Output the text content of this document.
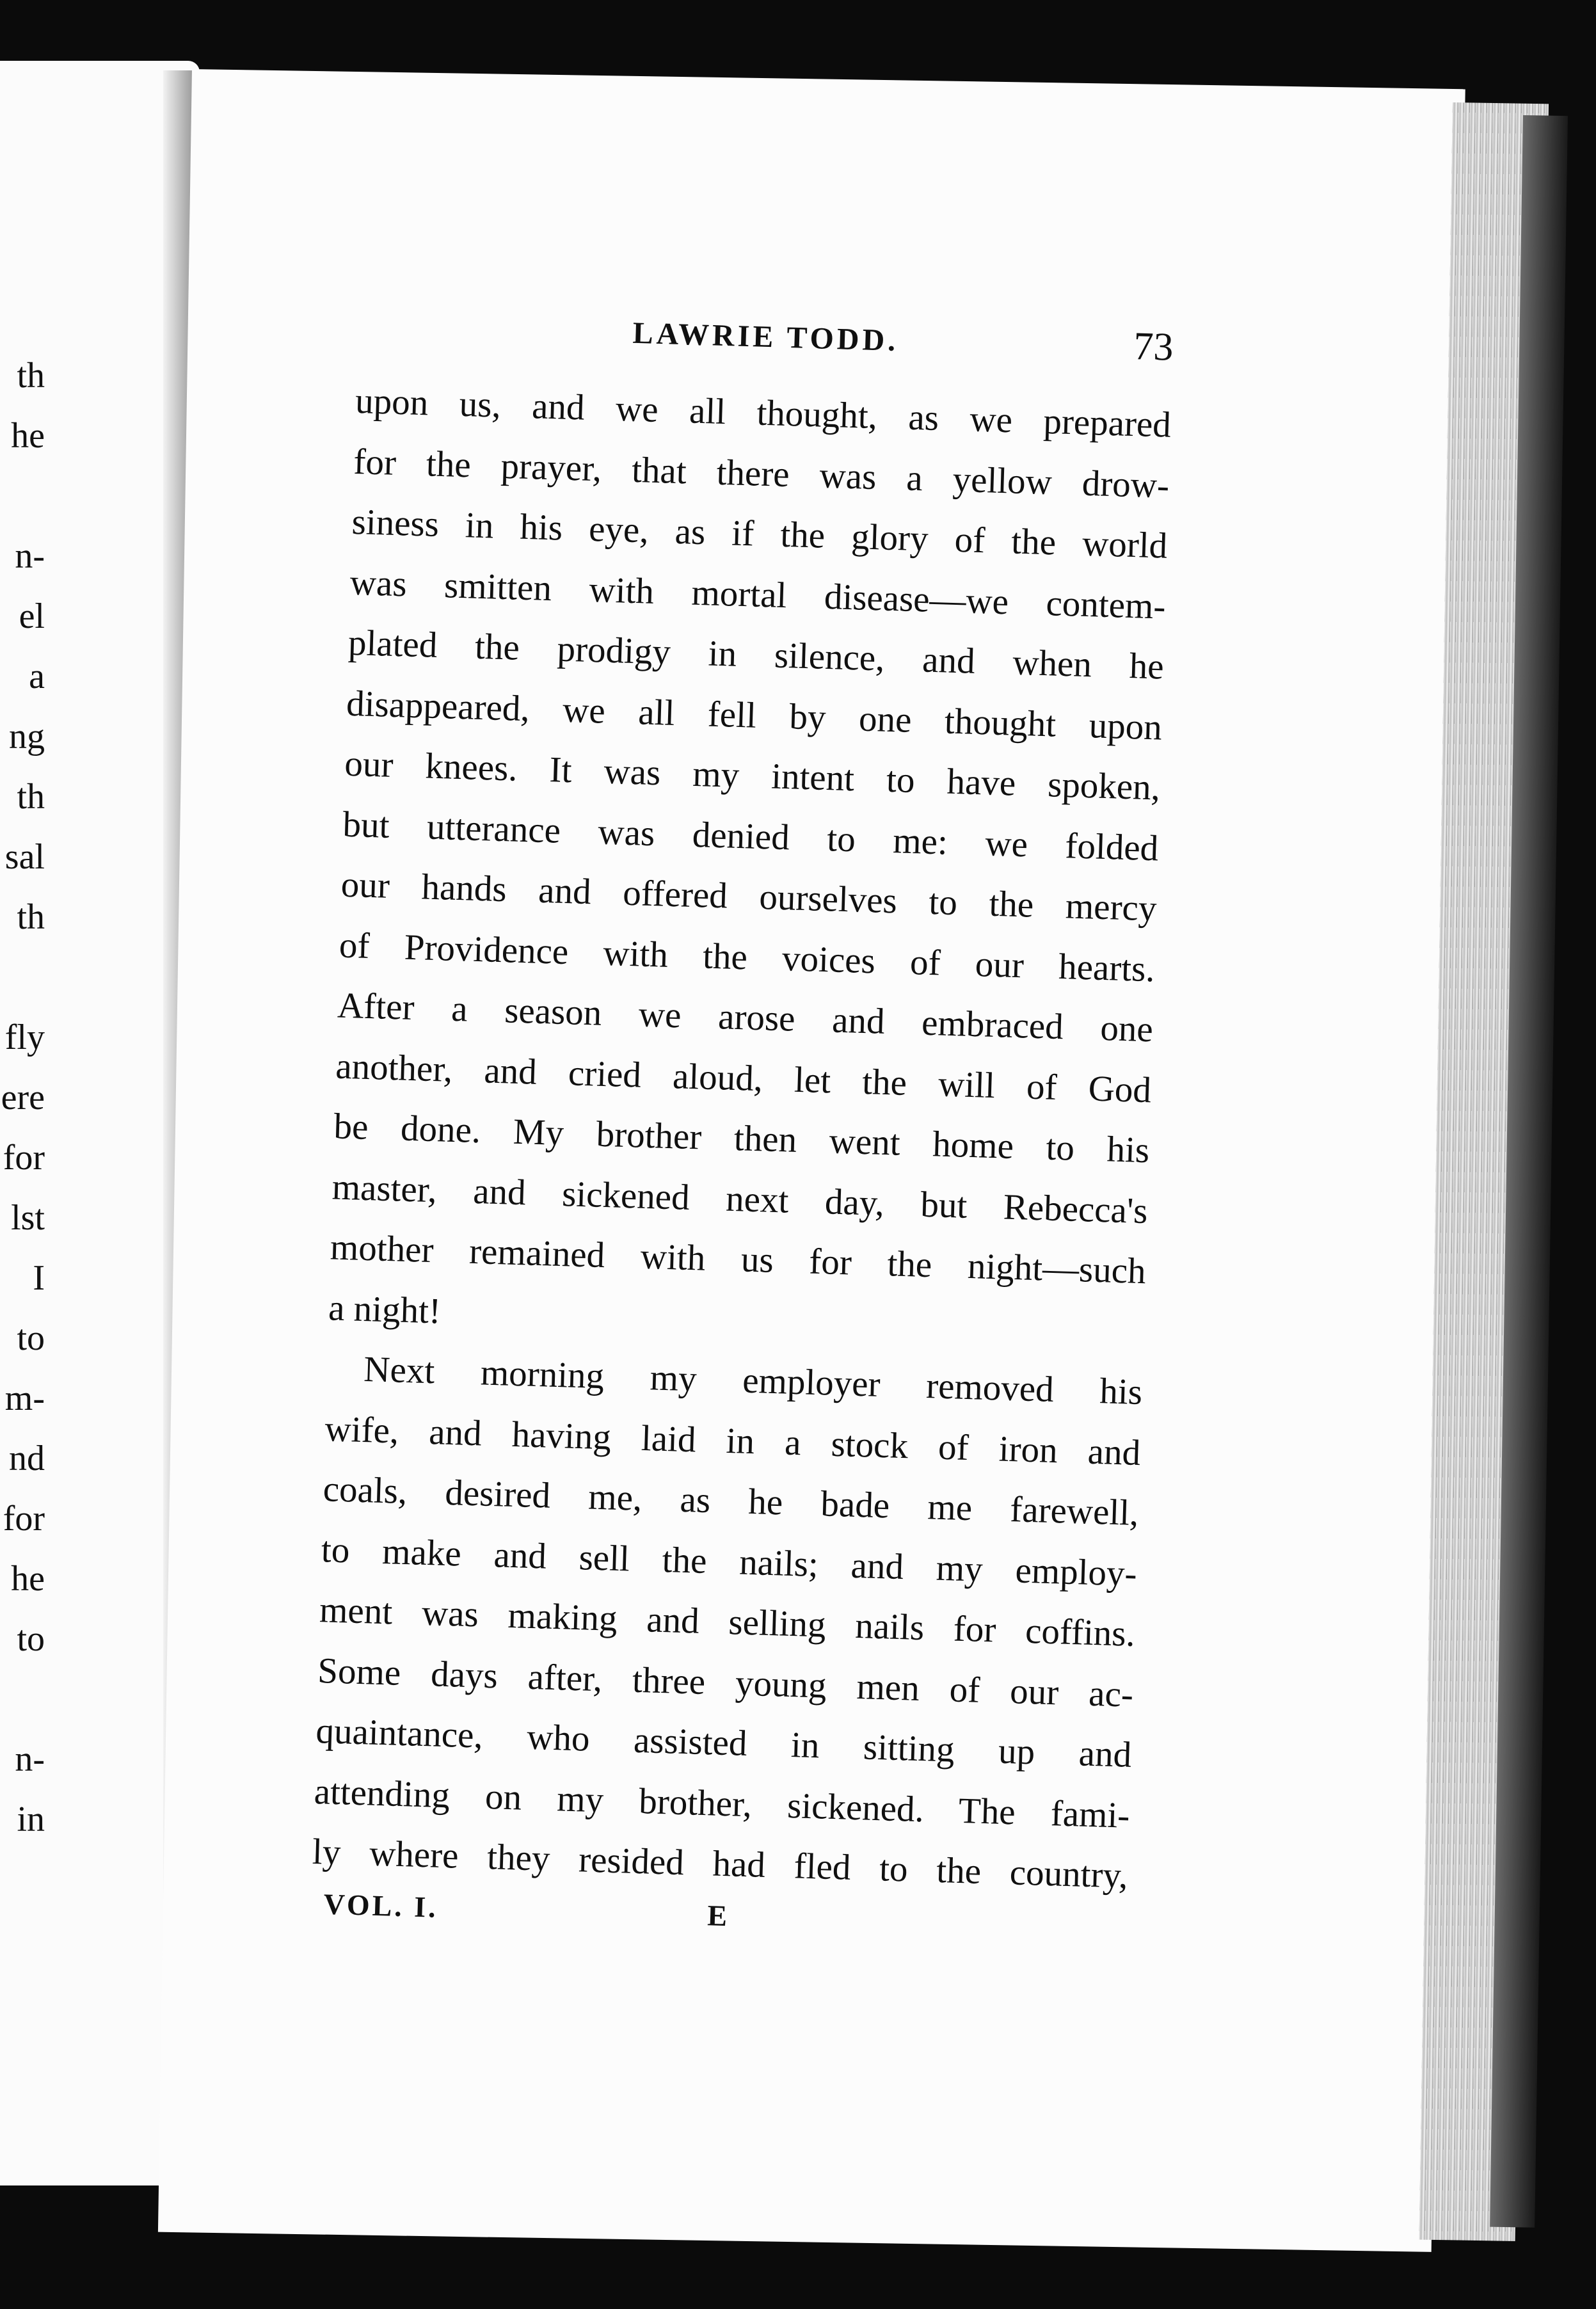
th
he
n-
el
a
ng
th
sal
th
fly
ere
for
lst
I
to
m-
nd
for
he
to
n-
in
LAWRIE TODD.	73
upon us, and we all thought, as we prepared
for the prayer, that there was a yellow drow-
siness in his eye, as if the glory of the world
was smitten with mortal disease—we contem-
plated the prodigy in silence, and when he
disappeared, we all fell by one thought upon
our knees. It was my intent to have spoken,
but utterance was denied to me: we folded
our hands and offered ourselves to the mercy
of Providence with the voices of our hearts.
After a season we arose and embraced one
another, and cried aloud, let the will of God
be done. My brother then went home to his
master, and sickened next day, but Rebecca's
mother remained with us for the night—such
a night!
Next morning my employer removed his
wife, and having laid in a stock of iron and
coals, desired me, as he bade me farewell,
to make and sell the nails; and my employ-
ment was making and selling nails for coffins.
Some days after, three young men of our ac-
quaintance, who assisted in sitting up and
attending on my brother, sickened. The fami-
ly where they resided had fled to the country,
VOL. I.	E
